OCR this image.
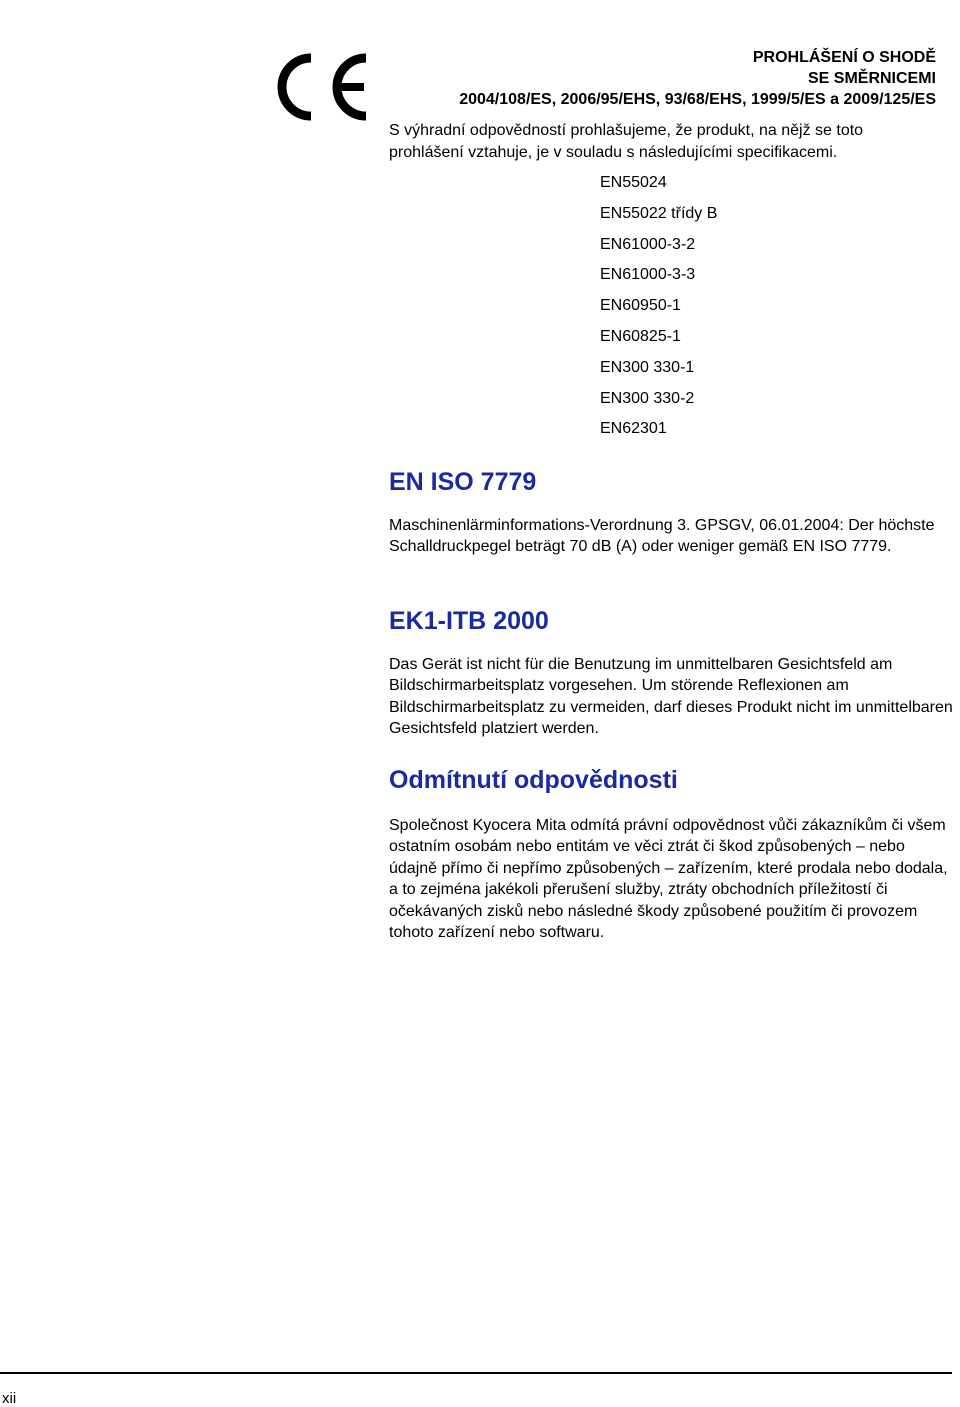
PROHLÁŠENÍ O SHODĚ
SE SMĚRNICEMI
2004/108/ES, 2006/95/EHS, 93/68/EHS, 1999/5/ES a 2009/125/ES
S výhradní odpovědností prohlašujeme, že produkt, na nějž se toto prohlášení vztahuje, je v souladu s následujícími specifikacemi.
EN55024
EN55022 třídy B
EN61000-3-2
EN61000-3-3
EN60950-1
EN60825-1
EN300 330-1
EN300 330-2
EN62301
EN ISO 7779

Maschinenlärminformations-Verordnung 3. GPSGV, 06.01.2004: Der höchste Schalldruckpegel beträgt 70 dB (A) oder weniger gemäß EN ISO 7779.

EK1-ITB 2000

Das Gerät ist nicht für die Benutzung im unmittelbaren Gesichtsfeld am Bildschirmarbeitsplatz vorgesehen. Um störende Reflexionen am Bildschirmarbeitsplatz zu vermeiden, darf dieses Produkt nicht im unmittelbaren Gesichtsfeld platziert werden.

Odmítnutí odpovědnosti

Společnost Kyocera Mita odmítá právní odpovědnost vůči zákazníkům či všem ostatním osobám nebo entitám ve věci ztrát či škod způsobených – nebo údajně přímo či nepřímo způsobených – zařízením, které prodala nebo dodala, a to zejména jakékoli přerušení služby, ztráty obchodních příležitostí či očekávaných zisků nebo následné škody způsobené použitím či provozem tohoto zařízení nebo softwaru.

xii
